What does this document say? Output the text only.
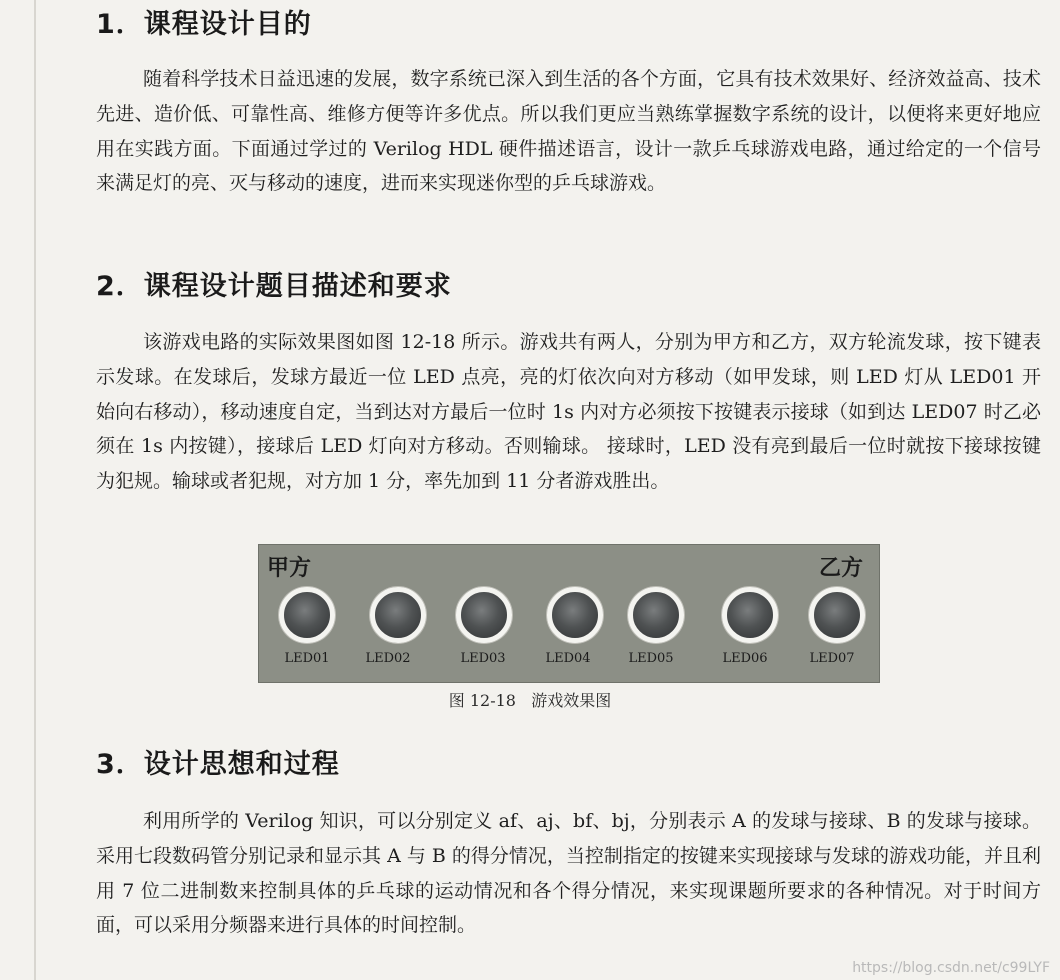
1．课程设计目的

随着科学技术日益迅速的发展，数字系统已深入到生活的各个方面，它具有技术效果好、经济效益高、技术先进、造价低、可靠性高、维修方便等许多优点。所以我们更应当熟练掌握数字系统的设计，以便将来更好地应用在实践方面。下面通过学过的 Verilog HDL 硬件描述语言，设计一款乒乓球游戏电路，通过给定的一个信号来满足灯的亮、灭与移动的速度，进而来实现迷你型的乒乓球游戏。

2．课程设计题目描述和要求

该游戏电路的实际效果图如图 12-18 所示。游戏共有两人，分别为甲方和乙方，双方轮流发球，按下键表示发球。在发球后，发球方最近一位 LED 点亮，亮的灯依次向对方移动（如甲发球，则 LED 灯从 LED01 开始向右移动），移动速度自定，当到达对方最后一位时 1s 内对方必须按下按键表示接球（如到达 LED07 时乙必须在 1s 内按键），接球后 LED 灯向对方移动。否则输球。 接球时，LED 没有亮到最后一位时就按下接球按键为犯规。输球或者犯规，对方加 1 分，率先加到 11 分者游戏胜出。

甲方	乙方
LED01	LED02	LED03	LED04	LED05	LED06	LED07
图 12-18   游戏效果图
3．设计思想和过程

利用所学的 Verilog 知识，可以分别定义 af、aj、bf、bj，分别表示 A 的发球与接球、B 的发球与接球。采用七段数码管分别记录和显示其 A 与 B 的得分情况，当控制指定的按键来实现接球与发球的游戏功能，并且利用 7 位二进制数来控制具体的乒乓球的运动情况和各个得分情况，来实现课题所要求的各种情况。对于时间方面，可以采用分频器来进行具体的时间控制。

https://blog.csdn.net/c99LYF
